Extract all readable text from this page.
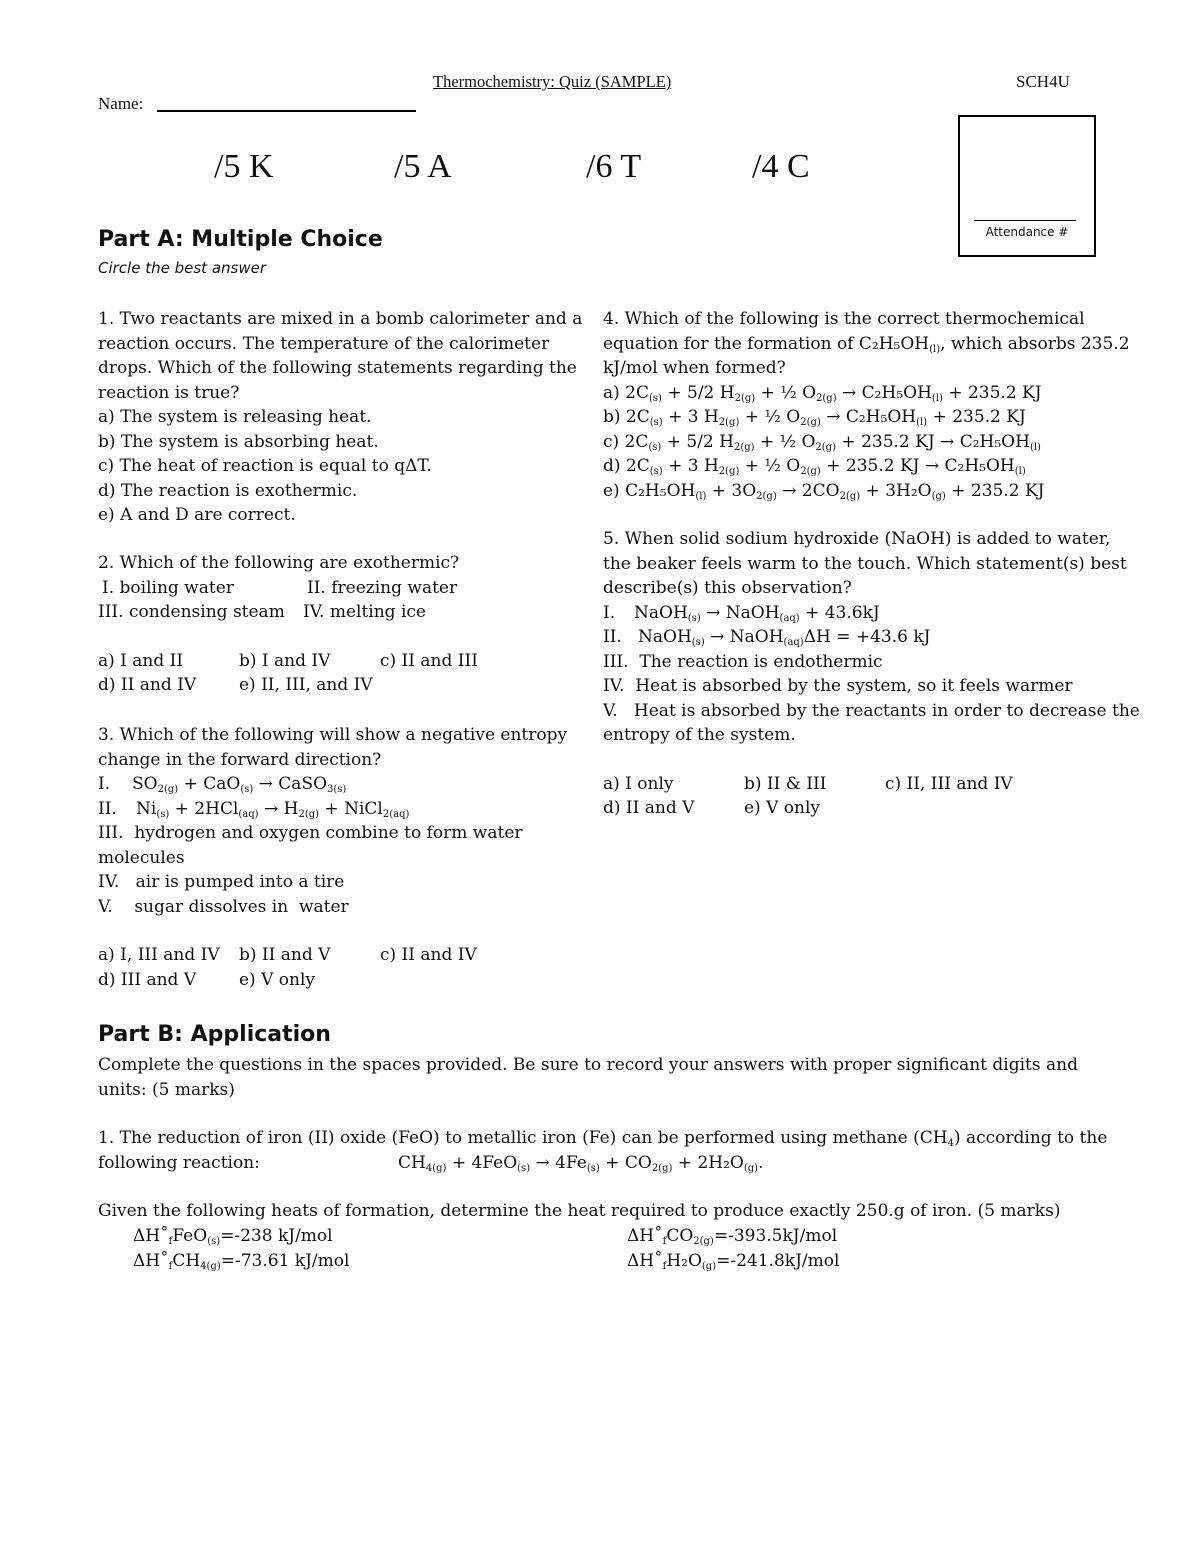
Thermochemistry: Quiz (SAMPLE)	SCH4U
Name:
/5 K	/5 A	/6 T	/4 C
Attendance #
Part A: Multiple Choice
Circle the best answer
1. Two reactants are mixed in a bomb calorimeter and a
reaction occurs. The temperature of the calorimeter
drops. Which of the following statements regarding the
reaction is true?
a) The system is releasing heat.
b) The system is absorbing heat.
c) The heat of reaction is equal to qΔT.
d) The reaction is exothermic.
e) A and D are correct.
2. Which of the following are exothermic?
I. boiling water	II. freezing water
III. condensing steam	IV. melting ice
a) I and II	b) I and IV	c) II and III
d) II and IV	e) II, III, and IV
3. Which of the following will show a negative entropy
change in the forward direction?
I. $SO_{2(g)} + CaO_{(s)}$ → CaSO$_{3(s)}$
II. $Ni_{(s)} + 2HCl_{(aq)} \to H_{2(g)}$ + NiCl$_{2(aq)}$
III.  hydrogen and oxygen combine to form water
molecules
IV.   air is pumped into a tire
V.    sugar dissolves in  water
a) I, III and IV	b) II and V	c) II and IV
d) III and V	e) V only
4. Which of the following is the correct thermochemical
equation for the formation of $C_2H_5OH_{(l)}$, which absorbs 235.2
kJ/mol when formed?
a) $2C_{(s)} + 5/2$ $H_{2(g)}$ + ½ $O_{2(g)} \to C_2H_5OH_{(l)} + 235.2$ KJ
b) $2C_{(s)} + 3$ $H_{2(g)}$ + ½ $O_{2(g)} \to C_2H_5OH_{(l)} + 235.2$ KJ
c) $2C_{(s)} + 5/2$ $H_{2(g)}$ + ½ $O_{2(g)} + 235.2$ KJ → $C_2H_5OH_{(l)}$
d) $2C_{(s)} + 3$ $H_{2(g)}$ + ½ $O_{2(g)} + 235.2$ KJ → $C_2H_5OH_{(l)}$
e) $C_2H_5OH_{(l)} + 3O_{2(g)} \to 2CO_{2(g)} + 3H_2O_{(g)} + 235.2$ KJ
5. When solid sodium hydroxide (NaOH) is added to water,
the beaker feels warm to the touch. Which statement(s) best
describe(s) this observation?
I. NaOH$_{(s)}$ → NaOH$_{(aq)}$ + 43.6kJ
II. NaOH$_{(s)}$ → NaOH$_{(aq)}$ΔH = +43.6 kJ
III.  The reaction is endothermic
IV.  Heat is absorbed by the system, so it feels warmer
V.   Heat is absorbed by the reactants in order to decrease the
entropy of the system.
a) I only	b) II & III	c) II, III and IV
d) II and V	e) V only
Part B: Application
Complete the questions in the spaces provided. Be sure to record your answers with proper significant digits and
units: (5 marks)
1. The reduction of iron (II) oxide (FeO) to metallic iron (Fe) can be performed using methane $(CH_4)$ according to the
following reaction:	$CH_{4(g)} + 4FeO_{(s)} \to 4Fe_{(s)} + CO_{2(g)} + 2H_2O_{(g)}$.
Given the following heats of formation, determine the heat required to produce exactly 250.g of iron. (5 marks)
$\Delta H˚_fFeO_{(s)}=-238$ kJ/mol	$\Delta H˚_fCO_{2(g)}=-393.5kJ$/mol
$\Delta H˚_fCH_{4(g)}=-73.61$ kJ/mol	$\Delta H˚_fH_2O_{(g)}=-241.8kJ$/mol
